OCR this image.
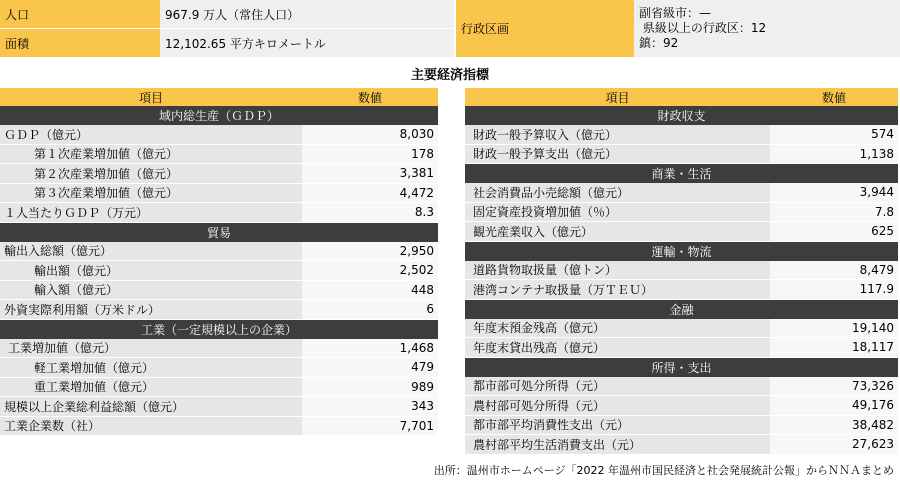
人口	967.9 万人（常住人口）
面積	12,102.65 平方キロメートル
行政区画
副省級市：—
県級以上の行政区：12
鎮：92
主要経済指標
項目	数値
域内総生産（ＧＤＰ）
ＧＤＰ（億元）	8,030
第１次産業増加値（億元）	178
第２次産業増加値（億元）	3,381
第３次産業増加値（億元）	4,472
１人当たりＧＤＰ（万元）	8.3
貿易
輸出入総額（億元）	2,950
輸出額（億元）	2,502
輸入額（億元）	448
外資実際利用額（万米ドル）	6
工業（一定規模以上の企業）
工業増加値（億元）	1,468
軽工業増加値（億元）	479
重工業増加値（億元）	989
規模以上企業総利益総額（億元）	343
工業企業数（社）	7,701
項目	数値
財政収支
財政一般予算収入（億元）	574
財政一般予算支出（億元）	1,138
商業・生活
社会消費品小売総額（億元）	3,944
固定資産投資増加値（％）	7.8
観光産業収入（億元）	625
運輸・物流
道路貨物取扱量（億トン）	8,479
港湾コンテナ取扱量（万ＴＥＵ）	117.9
金融
年度末預金残高（億元）	19,140
年度末貸出残高（億元）	18,117
所得・支出
都市部可処分所得（元）	73,326
農村部可処分所得（元）	49,176
都市部平均消費性支出（元）	38,482
農村部平均生活消費支出（元）	27,623
出所：温州市ホームページ「2022 年温州市国民経済と社会発展統計公報」からＮＮＡまとめ
